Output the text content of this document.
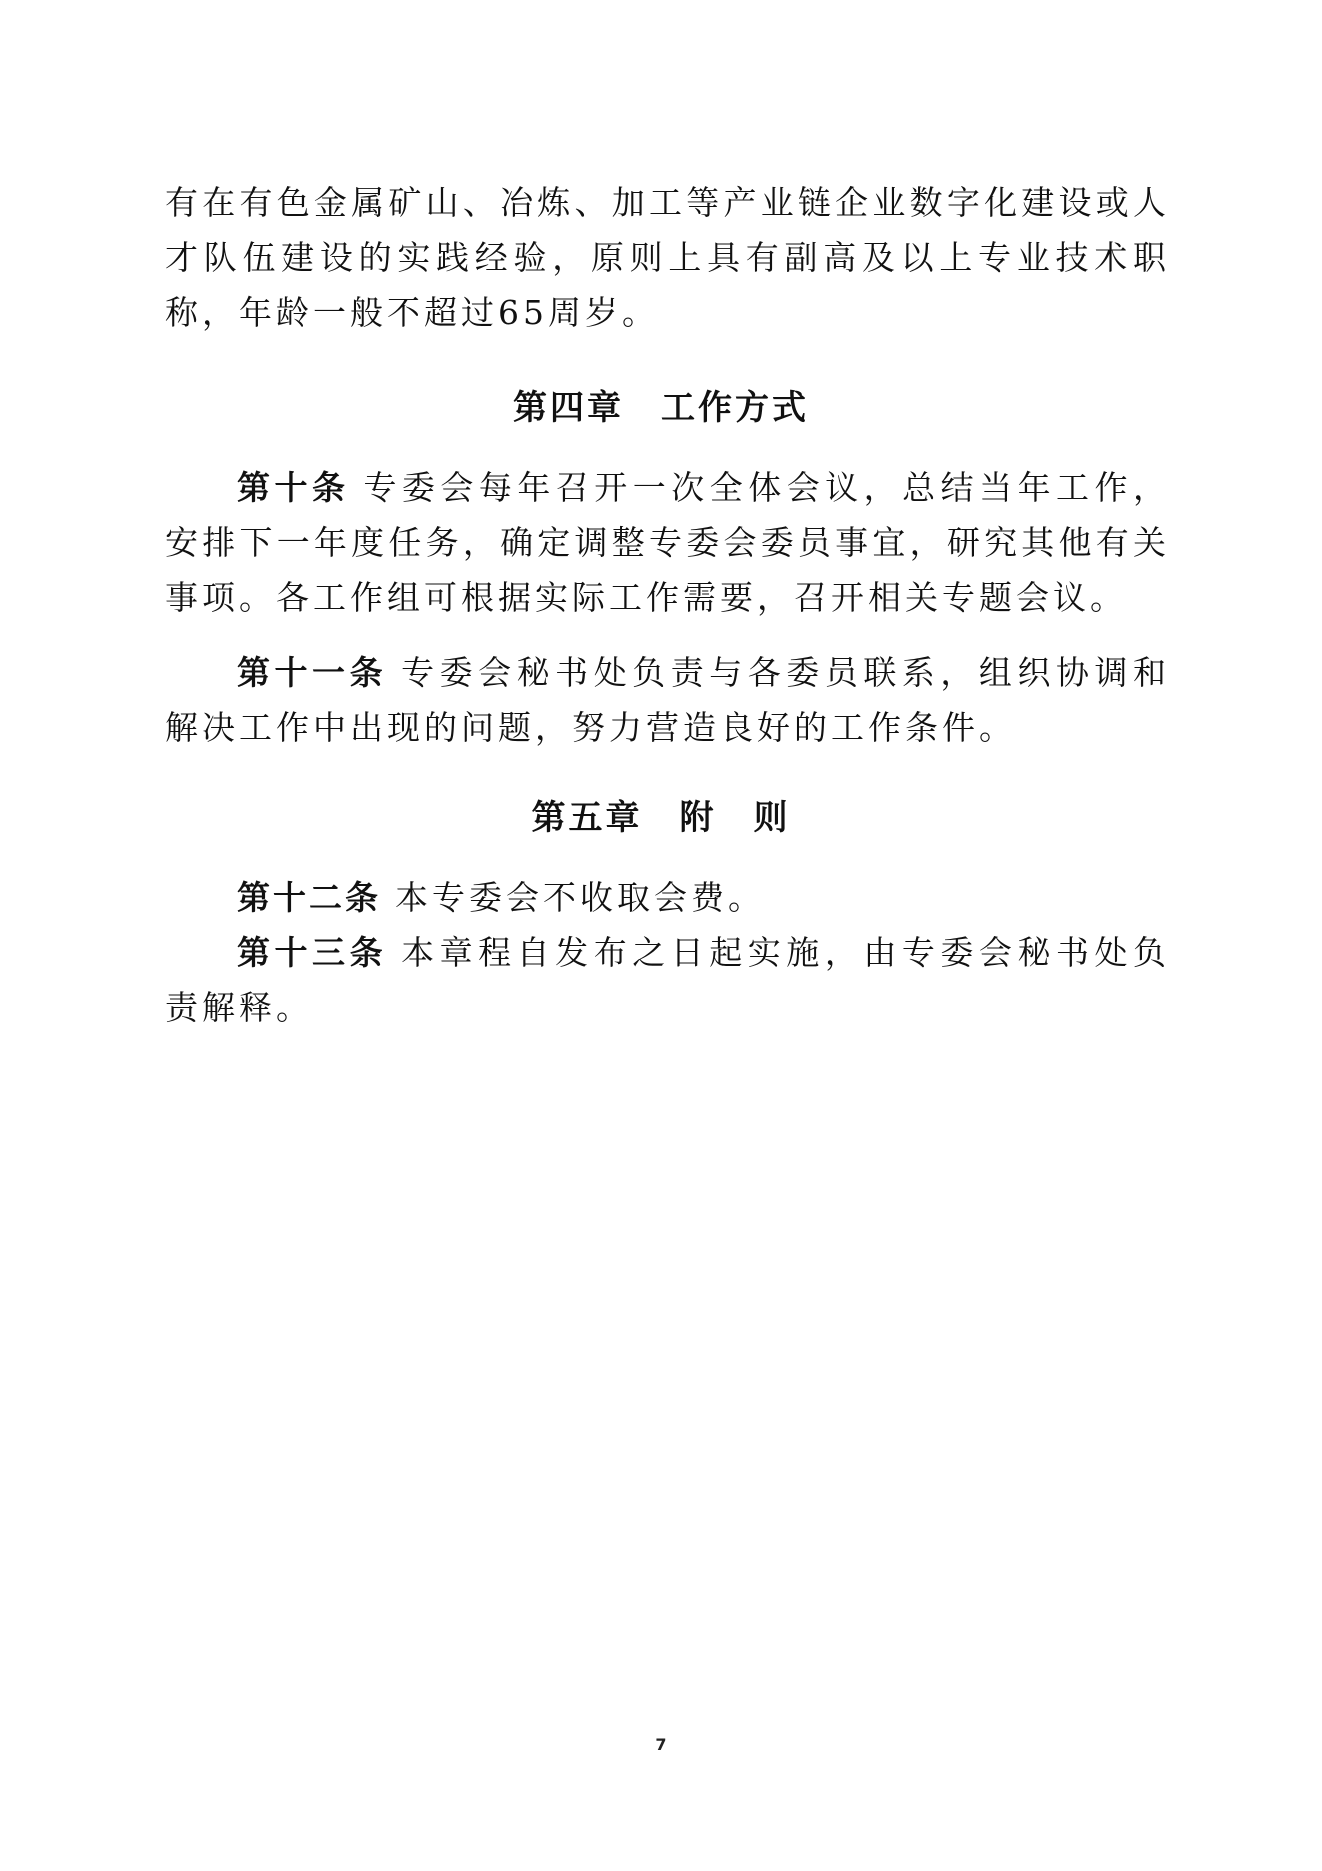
有在有色金属矿山、冶炼、加工等产业链企业数字化建设或人才队伍建设的实践经验，原则上具有副高及以上专业技术职称，年龄一般不超过65周岁。
第四章　工作方式
第十条 专委会每年召开一次全体会议，总结当年工作，安排下一年度任务，确定调整专委会委员事宜，研究其他有关事项。各工作组可根据实际工作需要，召开相关专题会议。
第十一条 专委会秘书处负责与各委员联系，组织协调和解决工作中出现的问题，努力营造良好的工作条件。
第五章　附　则
第十二条 本专委会不收取会费。
第十三条 本章程自发布之日起实施，由专委会秘书处负责解释。
7
